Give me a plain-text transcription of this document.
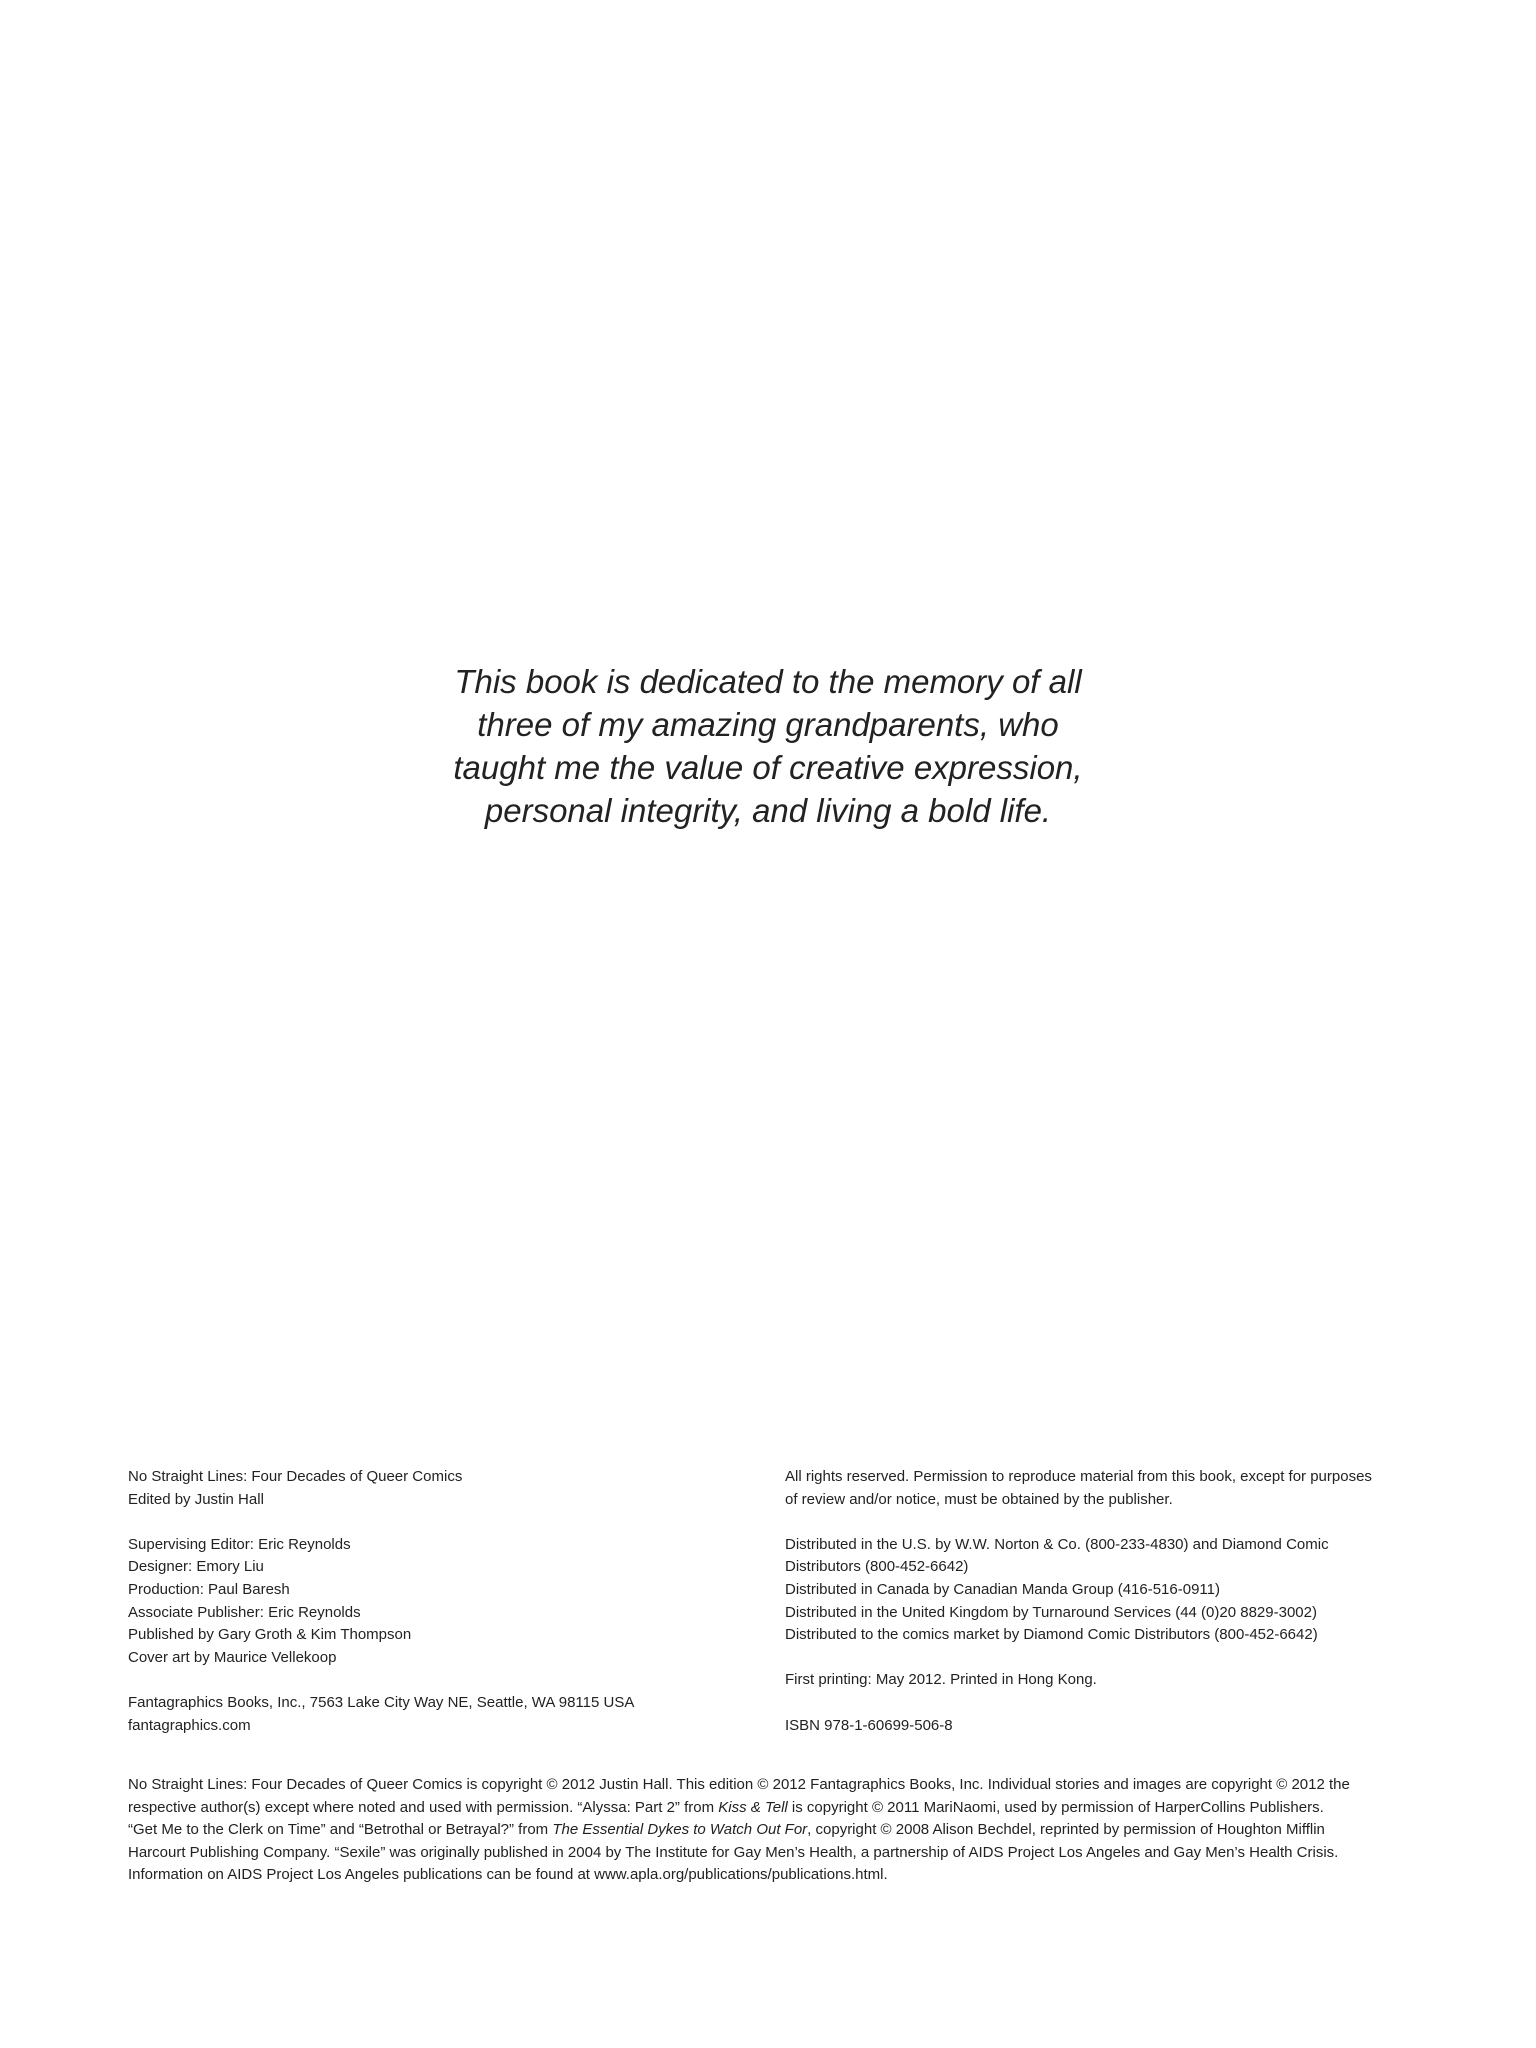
This book is dedicated to the memory of all
three of my amazing grandparents, who
taught me the value of creative expression,
personal integrity, and living a bold life.
No Straight Lines: Four Decades of Queer Comics
Edited by Justin Hall
Supervising Editor: Eric Reynolds
Designer: Emory Liu
Production: Paul Baresh
Associate Publisher: Eric Reynolds
Published by Gary Groth & Kim Thompson
Cover art by Maurice Vellekoop
Fantagraphics Books, Inc., 7563 Lake City Way NE, Seattle, WA 98115 USA
fantagraphics.com
All rights reserved. Permission to reproduce material from this book, except for purposes
of review and/or notice, must be obtained by the publisher.
Distributed in the U.S. by W.W. Norton & Co. (800-233-4830) and Diamond Comic
Distributors (800-452-6642)
Distributed in Canada by Canadian Manda Group (416-516-0911)
Distributed in the United Kingdom by Turnaround Services (44 (0)20 8829-3002)
Distributed to the comics market by Diamond Comic Distributors (800-452-6642)
First printing: May 2012. Printed in Hong Kong.
ISBN 978-1-60699-506-8
No Straight Lines: Four Decades of Queer Comics is copyright © 2012 Justin Hall. This edition © 2012 Fantagraphics Books, Inc. Individual stories and images are copyright © 2012 the
respective author(s) except where noted and used with permission. “Alyssa: Part 2” from Kiss & Tell is copyright © 2011 MariNaomi, used by permission of HarperCollins Publishers.
“Get Me to the Clerk on Time” and “Betrothal or Betrayal?” from The Essential Dykes to Watch Out For, copyright © 2008 Alison Bechdel, reprinted by permission of Houghton Mifflin
Harcourt Publishing Company. “Sexile” was originally published in 2004 by The Institute for Gay Men’s Health, a partnership of AIDS Project Los Angeles and Gay Men’s Health Crisis.
Information on AIDS Project Los Angeles publications can be found at www.apla.org/publications/publications.html.
